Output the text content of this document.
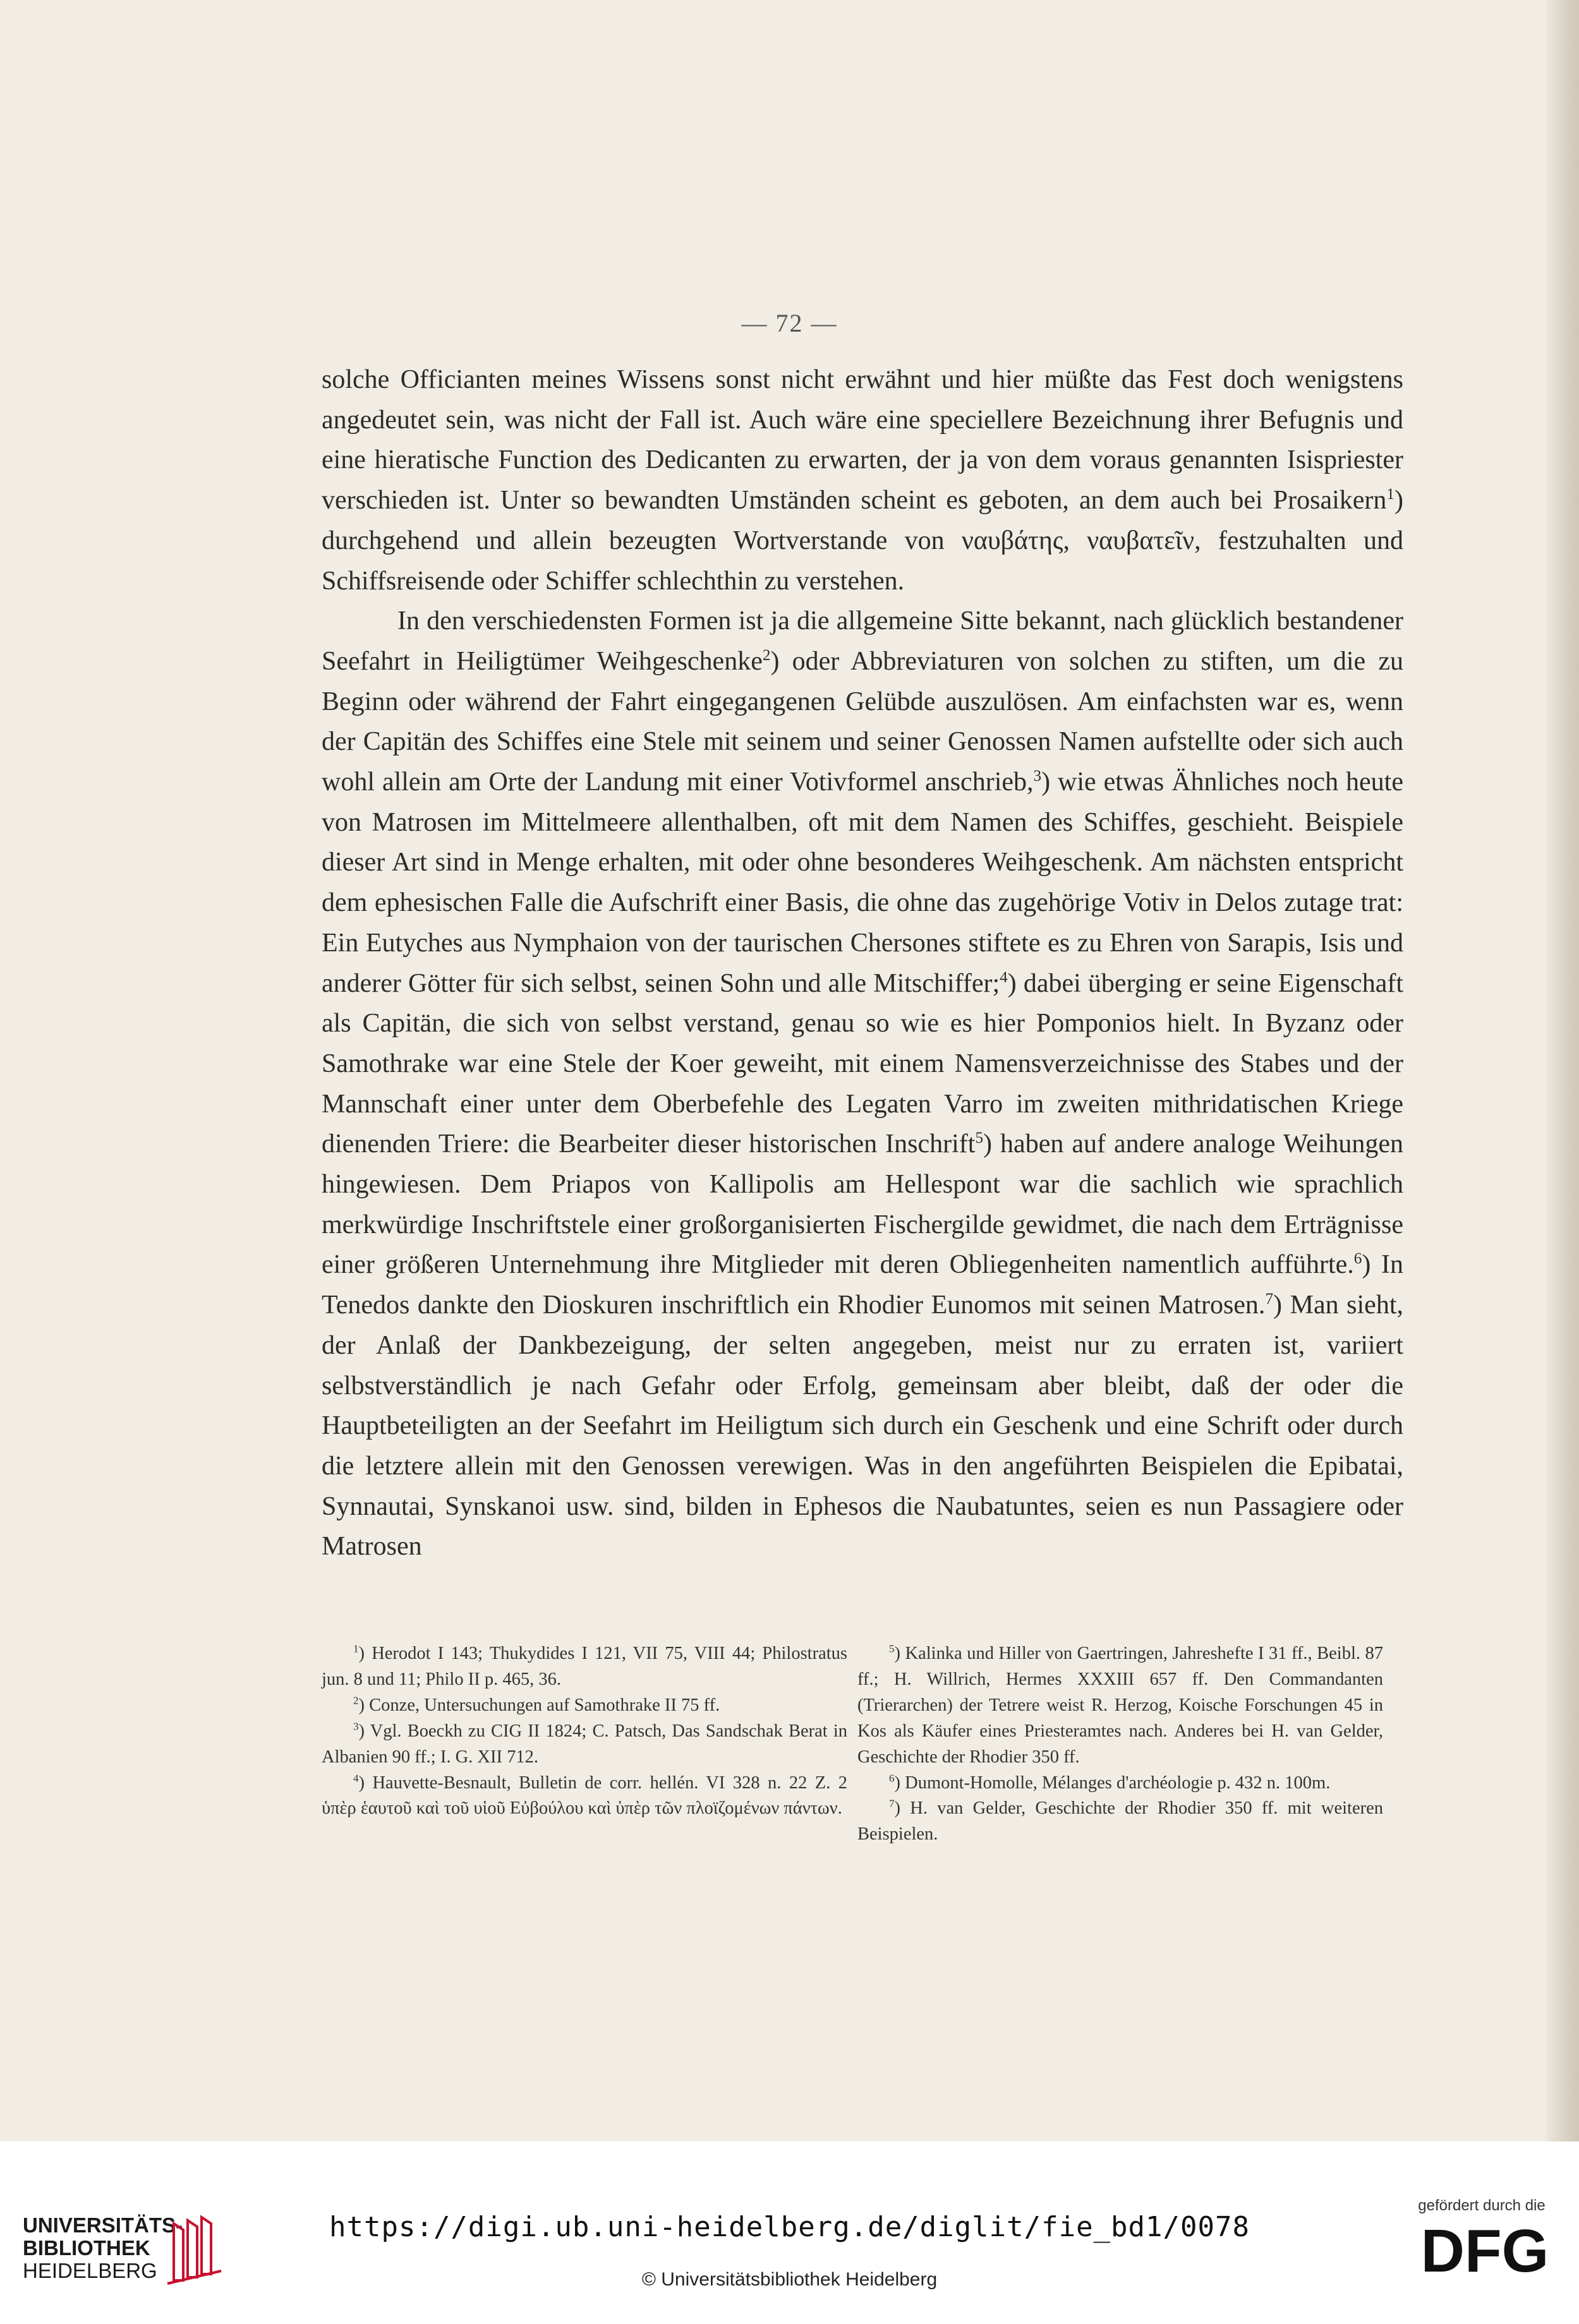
— 72 —

solche Officianten meines Wissens sonst nicht erwähnt und hier müßte das Fest doch wenigstens angedeutet sein, was nicht der Fall ist. Auch wäre eine speciellere Bezeichnung ihrer Befugnis und eine hieratische Function des Dedicanten zu erwarten, der ja von dem voraus genannten Isispriester verschieden ist. Unter so bewandten Umständen scheint es geboten, an dem auch bei Prosaikern$^1$) durchgehend und allein bezeugten Wortverstande von ναυβάτης, ναυβατεῖν, festzuhalten und Schiffsreisende oder Schiffer schlechthin zu verstehen.

In den verschiedensten Formen ist ja die allgemeine Sitte bekannt, nach glücklich bestandener Seefahrt in Heiligtümer Weihgeschenke$^2$) oder Abbreviaturen von solchen zu stiften, um die zu Beginn oder während der Fahrt eingegangenen Gelübde auszulösen. Am einfachsten war es, wenn der Capitän des Schiffes eine Stele mit seinem und seiner Genossen Namen aufstellte oder sich auch wohl allein am Orte der Landung mit einer Votivformel anschrieb,$^3$) wie etwas Ähnliches noch heute von Matrosen im Mittelmeere allenthalben, oft mit dem Namen des Schiffes, geschieht. Beispiele dieser Art sind in Menge erhalten, mit oder ohne besonderes Weihgeschenk. Am nächsten entspricht dem ephesischen Falle die Aufschrift einer Basis, die ohne das zugehörige Votiv in Delos zutage trat: Ein Eutyches aus Nymphaion von der taurischen Chersones stiftete es zu Ehren von Sarapis, Isis und anderer Götter für sich selbst, seinen Sohn und alle Mitschiffer;$^4$) dabei überging er seine Eigenschaft als Capitän, die sich von selbst verstand, genau so wie es hier Pomponios hielt. In Byzanz oder Samothrake war eine Stele der Koer geweiht, mit einem Namensverzeichnisse des Stabes und der Mannschaft einer unter dem Oberbefehle des Legaten Varro im zweiten mithridatischen Kriege dienenden Triere: die Bearbeiter dieser historischen Inschrift$^5$) haben auf andere analoge Weihungen hingewiesen. Dem Priapos von Kallipolis am Hellespont war die sachlich wie sprachlich merkwürdige Inschriftstele einer großorganisierten Fischergilde gewidmet, die nach dem Erträgnisse einer größeren Unternehmung ihre Mitglieder mit deren Obliegenheiten namentlich aufführte.$^6$) In Tenedos dankte den Dioskuren inschriftlich ein Rhodier Eunomos mit seinen Matrosen.$^7$) Man sieht, der Anlaß der Dankbezeigung, der selten angegeben, meist nur zu erraten ist, variiert selbstverständlich je nach Gefahr oder Erfolg, gemeinsam aber bleibt, daß der oder die Hauptbeteiligten an der Seefahrt im Heiligtum sich durch ein Geschenk und eine Schrift oder durch die letztere allein mit den Genossen verewigen. Was in den angeführten Beispielen die Epibatai, Synnautai, Synskanoi usw. sind, bilden in Ephesos die Naubatuntes, seien es nun Passagiere oder Matrosen

$^1$) Herodot I 143; Thukydides I 121, VII 75, VIII 44; Philostratus jun. 8 und 11; Philo II p. 465, 36.

$^2$) Conze, Untersuchungen auf Samothrake II 75 ff.

$^3$) Vgl. Boeckh zu CIG II 1824; C. Patsch, Das Sandschak Berat in Albanien 90 ff.; I. G. XII 712.

$^4$) Hauvette-Besnault, Bulletin de corr. hellén. VI 328 n. 22 Z. 2 ὑπὲρ ἑαυτοῦ καὶ τοῦ υἱοῦ Εὐβούλου καὶ ὑπὲρ τῶν πλοϊζομένων πάντων.

$^5$) Kalinka und Hiller von Gaertringen, Jahreshefte I 31 ff., Beibl. 87 ff.; H. Willrich, Hermes XXXIII 657 ff. Den Commandanten (Trierarchen) der Tetrere weist R. Herzog, Koische Forschungen 45 in Kos als Käufer eines Priesteramtes nach. Anderes bei H. van Gelder, Geschichte der Rhodier 350 ff.

$^6$) Dumont-Homolle, Mélanges d'archéologie p. 432 n. 100m.

$^7$) H. van Gelder, Geschichte der Rhodier 350 ff. mit weiteren Beispielen.

UNIVERSITÄTS-
BIBLIOTHEK
HEIDELBERG
https://digi.ub.uni-heidelberg.de/diglit/fie_bd1/0078
© Universitätsbibliothek Heidelberg
gefördert durch die
DFG
